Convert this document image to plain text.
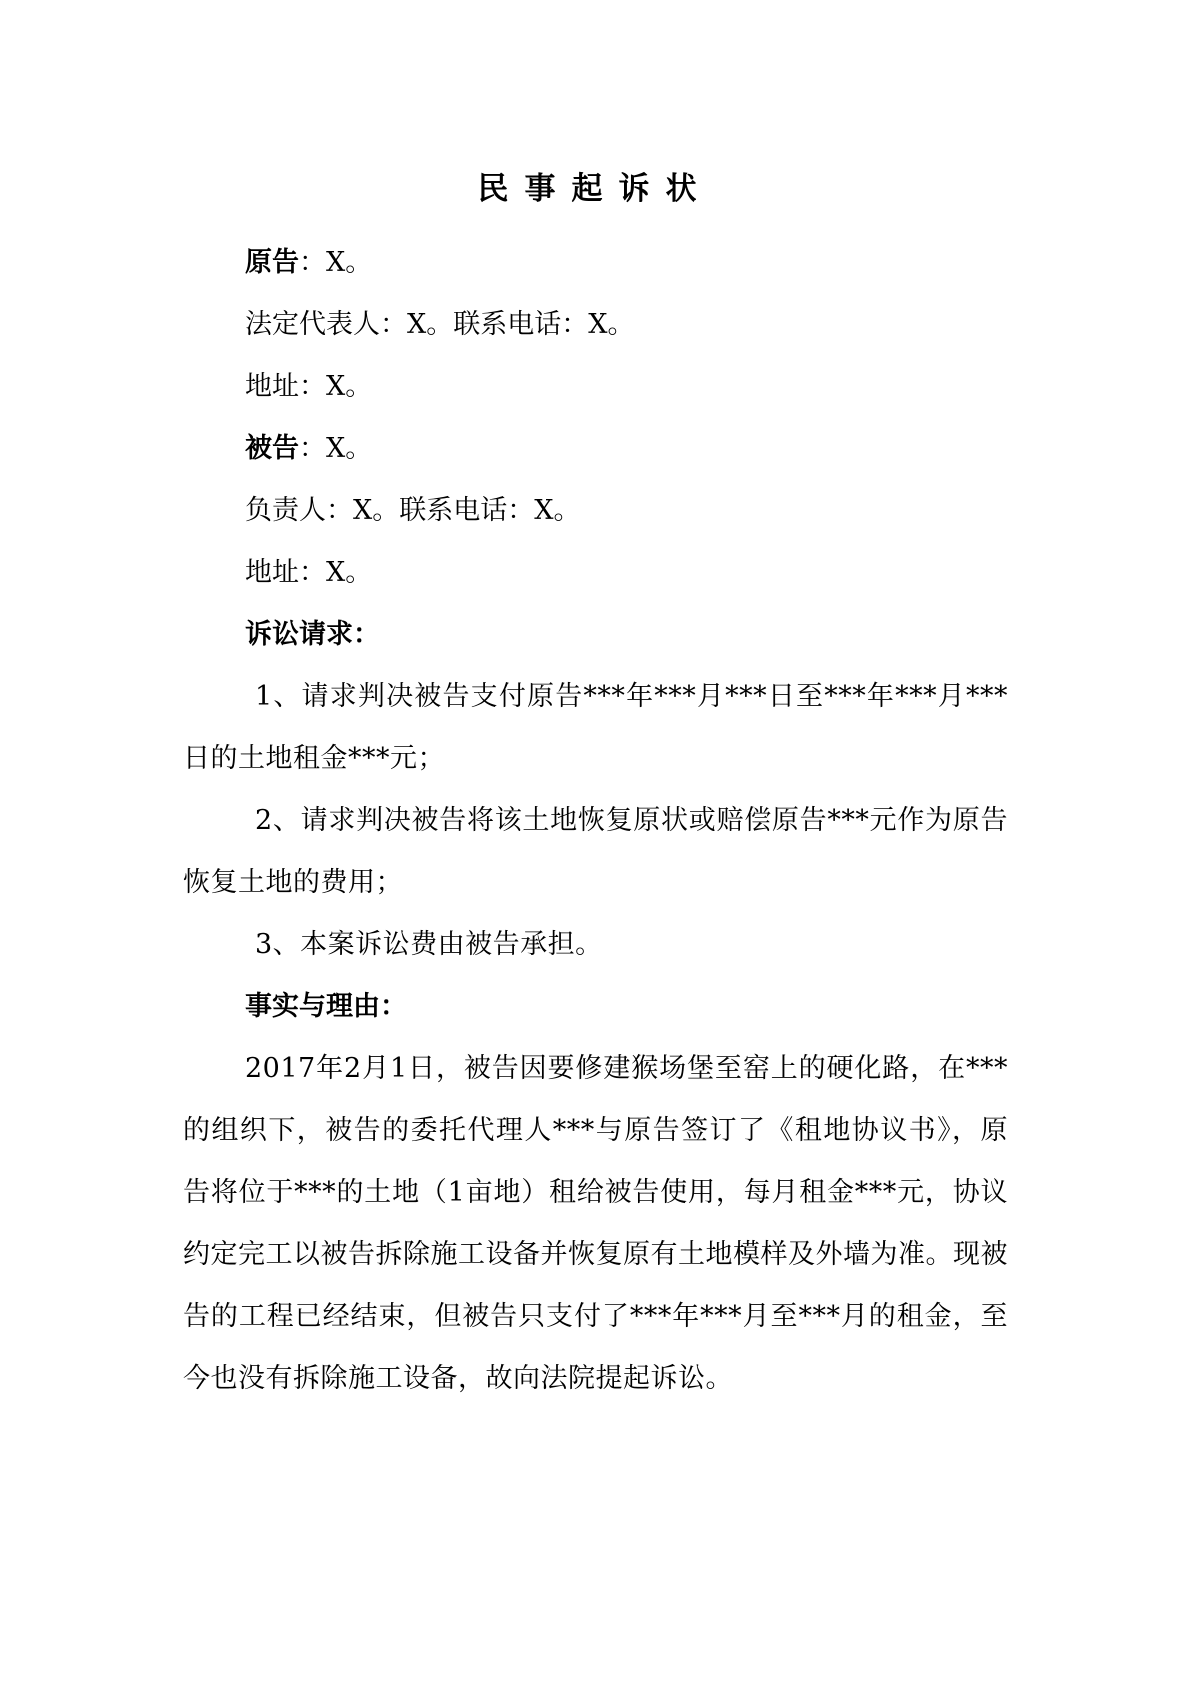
民事起诉状

原告：X。

法定代表人：X。联系电话：X。

地址：X。

被告：X。

负责人：X。联系电话：X。

地址：X。

诉讼请求：

1、请求判决被告支付原告***年***月***日至***年***月***日的土地租金***元；

2、请求判决被告将该土地恢复原状或赔偿原告***元作为原告恢复土地的费用；

3、本案诉讼费由被告承担。

事实与理由：

2017年2月1日，被告因要修建猴场堡至窑上的硬化路，在***的组织下，被告的委托代理人***与原告签订了《租地协议书》，原告将位于***的土地（1亩地）租给被告使用，每月租金***元，协议约定完工以被告拆除施工设备并恢复原有土地模样及外墙为准。现被告的工程已经结束，但被告只支付了***年***月至***月的租金，至今也没有拆除施工设备，故向法院提起诉讼。
